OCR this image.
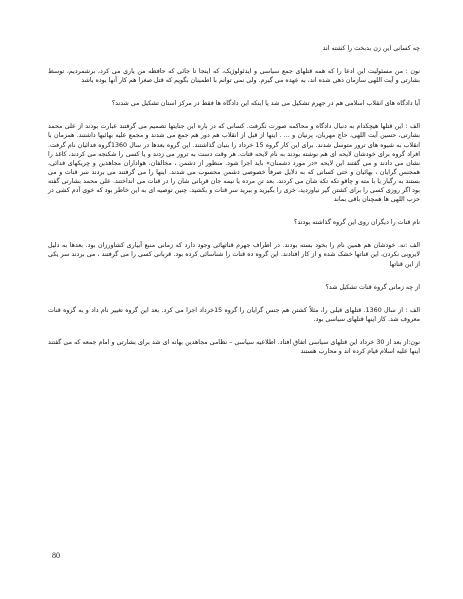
چه کسانی این زن بدبخت را کشته اند

نون : من مسئولیت این ادعا را که همه قتلهای جمع سیاسی و ایدئولوژیک، که اینجا تا جائی که حافظه من یاری می کرد، برشمردیم، توسط بشارتی و آیت اللهی سازمان دهی شده اند، به عهده می گیرم. ولی نمی توانم با اطمینان بگویم که قتل صغرا هم کار آنها بوده باشد

آیا دادگاه های انقلاب اسلامی هم در جهرم تشکیل می شد یا اینکه این دادگاه ها فقط در مرکز استان تشکیل می شدند؟

الف : این قتلها هیچکدام به دنبال دادگاه و محاکمه صورت نگرفت. کسانی که در باره این جنایتها تصمیم می گرفتند عبارت بودند از علی محمد بشارتی، حسین آیت اللهی، حاج مهربان، پرنیان و ... . اینها از قبل از انقلاب هم دور هم جمع می شدند و مجمع علیه بهائیها داشتند. همزمان با انقلاب به شیوه های ترور متوسل شدند. برای این کار گروه 15 خرداد را بنیان گذاشتند. این گروه بعدها در سال 1360گروه فدائیان نام گرفت. افراد گروه برای خودشان لایحه ای هم نوشته بودند به نام لایحه قتات. هر وقت دست به ترور می زدند و یا کسی را شکنجه می کردند، کاغذ را نشان می دادند و می گفتند این لایحه «در مورد دشمنان» باید اجرا شود. منظور از دشمن ، مخالفان، هواداران مجاهدین و چریکهای فدائی، همجنس گرایان ، بهائیان و حتی کسانی که به دلایل صرفاً خصوصی دشمن محسوب می شدند. اینها را می گرفتند می بردند سر قنات و می بستند به رگبار یا با مته و چاقو تکه تکه شان می کردند. بعد تن مرده یا نیمه جان قربانی شان را در قنات می انداختند. علی محمد بشارتی گفته بود اگر روزی کسی را برای کشتن گیر نیاوردید، خری را بگیرید و ببرید سر قنات و بکشید. چنین توصیه ای به این خاطر بود که خوی آدم کشی در حزب اللهی ها همچنان باقی بماند

نام قنات را دیگران روی این گروه گذاشته بودند؟

الف :نه. خودشان هم همین نام را بخود بسته بودند. در اطراف جهرم قناتهائی وجود دارد که زمانی منبع آبیاری کشاورزان بود. بعدها به دلیل لایروبی نکردن، این قناتها خشک شده و از کار افتادند. این گروه ده قنات را شناسائی کرده بود. قربانی کسی را می گرفتند ، می بردند سر یکی از این قناتها

از چه زمانی گروه قنات تشکیل شد؟

الف : از سال 1360. قتلهای قبلی را، مثلاً کشتن هم جنس گرایان را گروه 15خرداد اجرا می کرد. بعد این گروه تغییر نام داد و به گروه قنات معروف شد. کار اینها قتلهای سیاسی بود.

نون:از بعد از 30 خرداد این قتلهای سیاسی اتفاق افتاد. اطلاعیه سیاسی – نظامی مجاهدین بهانه ای شد برای بشارتی و امام جمعه که می گفتند اینها علیه اسلام قیام کرده اند و محارب هستند

80
